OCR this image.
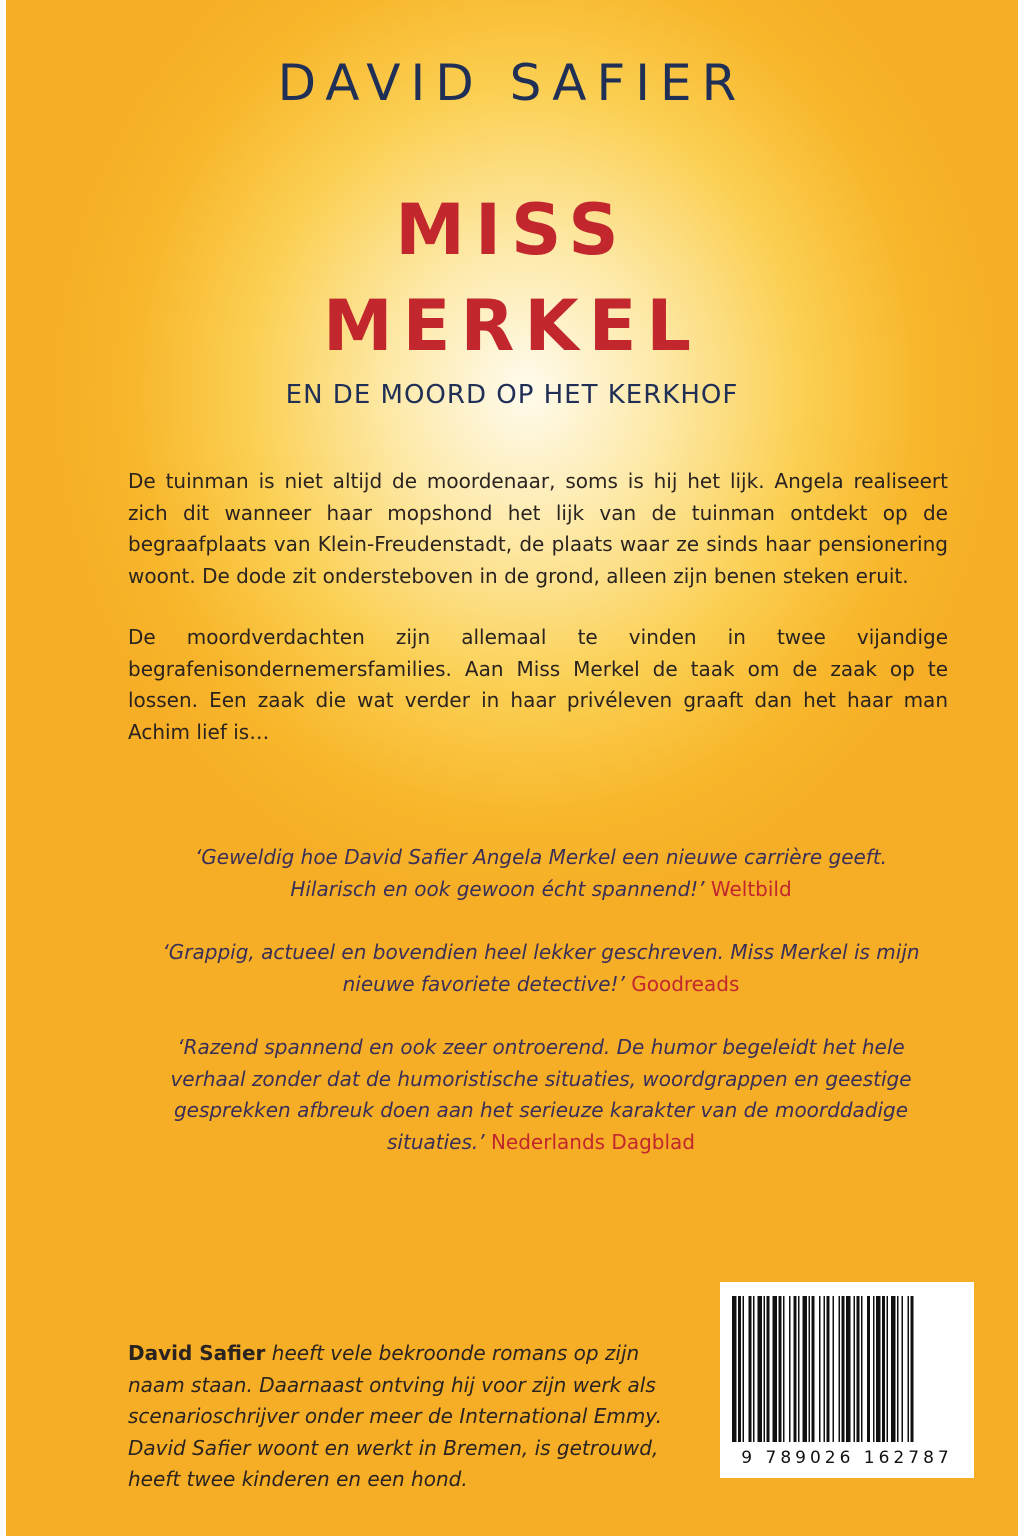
DAVID SAFIER
MISS
MERKEL
EN DE MOORD OP HET KERKHOF

De tuinman is niet altijd de moordenaar, soms is hij het lijk. Angela realiseert zich dit wanneer haar mopshond het lijk van de tuinman ontdekt op de begraafplaats van Klein-Freudenstadt, de plaats waar ze sinds haar pensionering woont. De dode zit ondersteboven in de grond, alleen zijn benen steken eruit.

De moordverdachten zijn allemaal te vinden in twee vijandige begrafenisondernemersfamilies. Aan Miss Merkel de taak om de zaak op te lossen. Een zaak die wat verder in haar privéleven graaft dan het haar man Achim lief is…

‘Geweldig hoe David Safier Angela Merkel een nieuwe carrière geeft. Hilarisch en ook gewoon écht spannend!’ Weltbild

‘Grappig, actueel en bovendien heel lekker geschreven. Miss Merkel is mijn nieuwe favoriete detective!’ Goodreads

‘Razend spannend en ook zeer ontroerend. De humor begeleidt het hele verhaal zonder dat de humoristische situaties, woordgrappen en geestige gesprekken afbreuk doen aan het serieuze karakter van de moorddadige situaties.’ Nederlands Dagblad

David Safier heeft vele bekroonde romans op zijn naam staan. Daarnaast ontving hij voor zijn werk als scenarioschrijver onder meer de International Emmy. David Safier woont en werkt in Bremen, is getrouwd, heeft twee kinderen en een hond.
9 789026 162787
